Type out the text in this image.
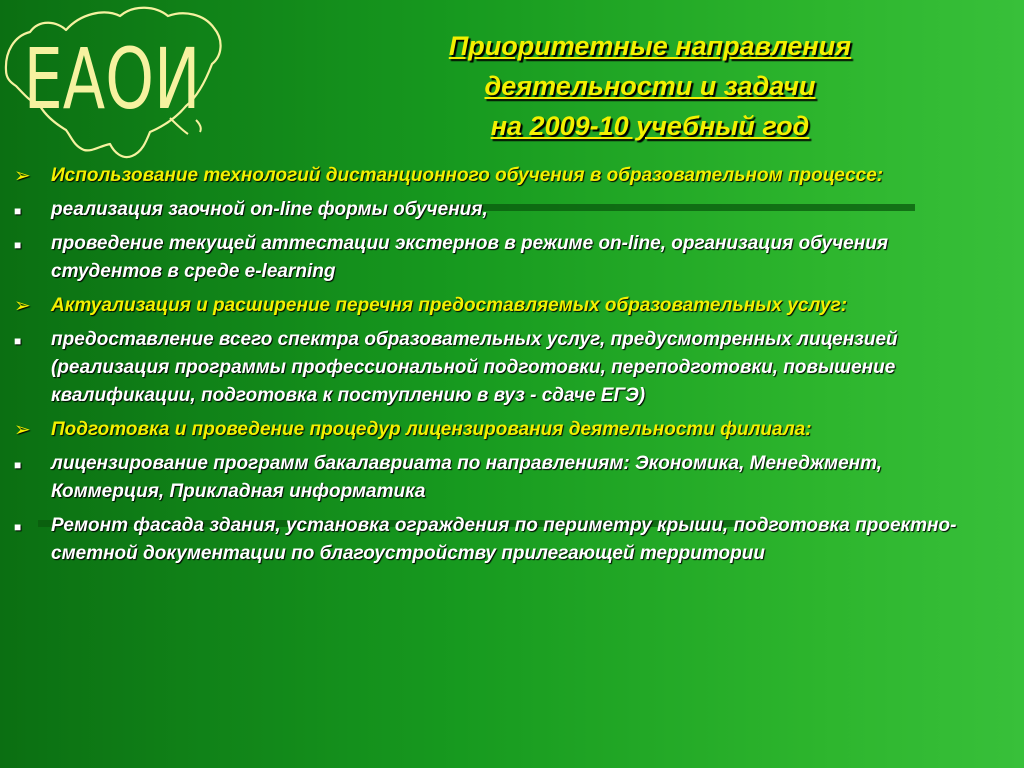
ЕАОИ	Приоритетные направления
деятельности и задачи
на 2009-10 учебный год
➢ Использование технологий дистанционного обучения в образовательном процессе:
■ реализация заочной on-line формы обучения,
■ проведение текущей аттестации экстернов в режиме on-line, организация обучения студентов в среде e-learning
➢ Актуализация и расширение перечня предоставляемых образовательных услуг:
■ предоставление всего спектра образовательных услуг, предусмотренных лицензией (реализация программы профессиональной подготовки, переподготовки, повышение квалификации, подготовка к поступлению в вуз - сдаче ЕГЭ)
➢ Подготовка и проведение процедур лицензирования деятельности филиала:
■ лицензирование программ бакалавриата по направлениям: Экономика, Менеджмент, Коммерция, Прикладная информатика
■ Ремонт фасада здания, установка ограждения по периметру крыши, подготовка проектно-сметной документации по благоустройству прилегающей территории
